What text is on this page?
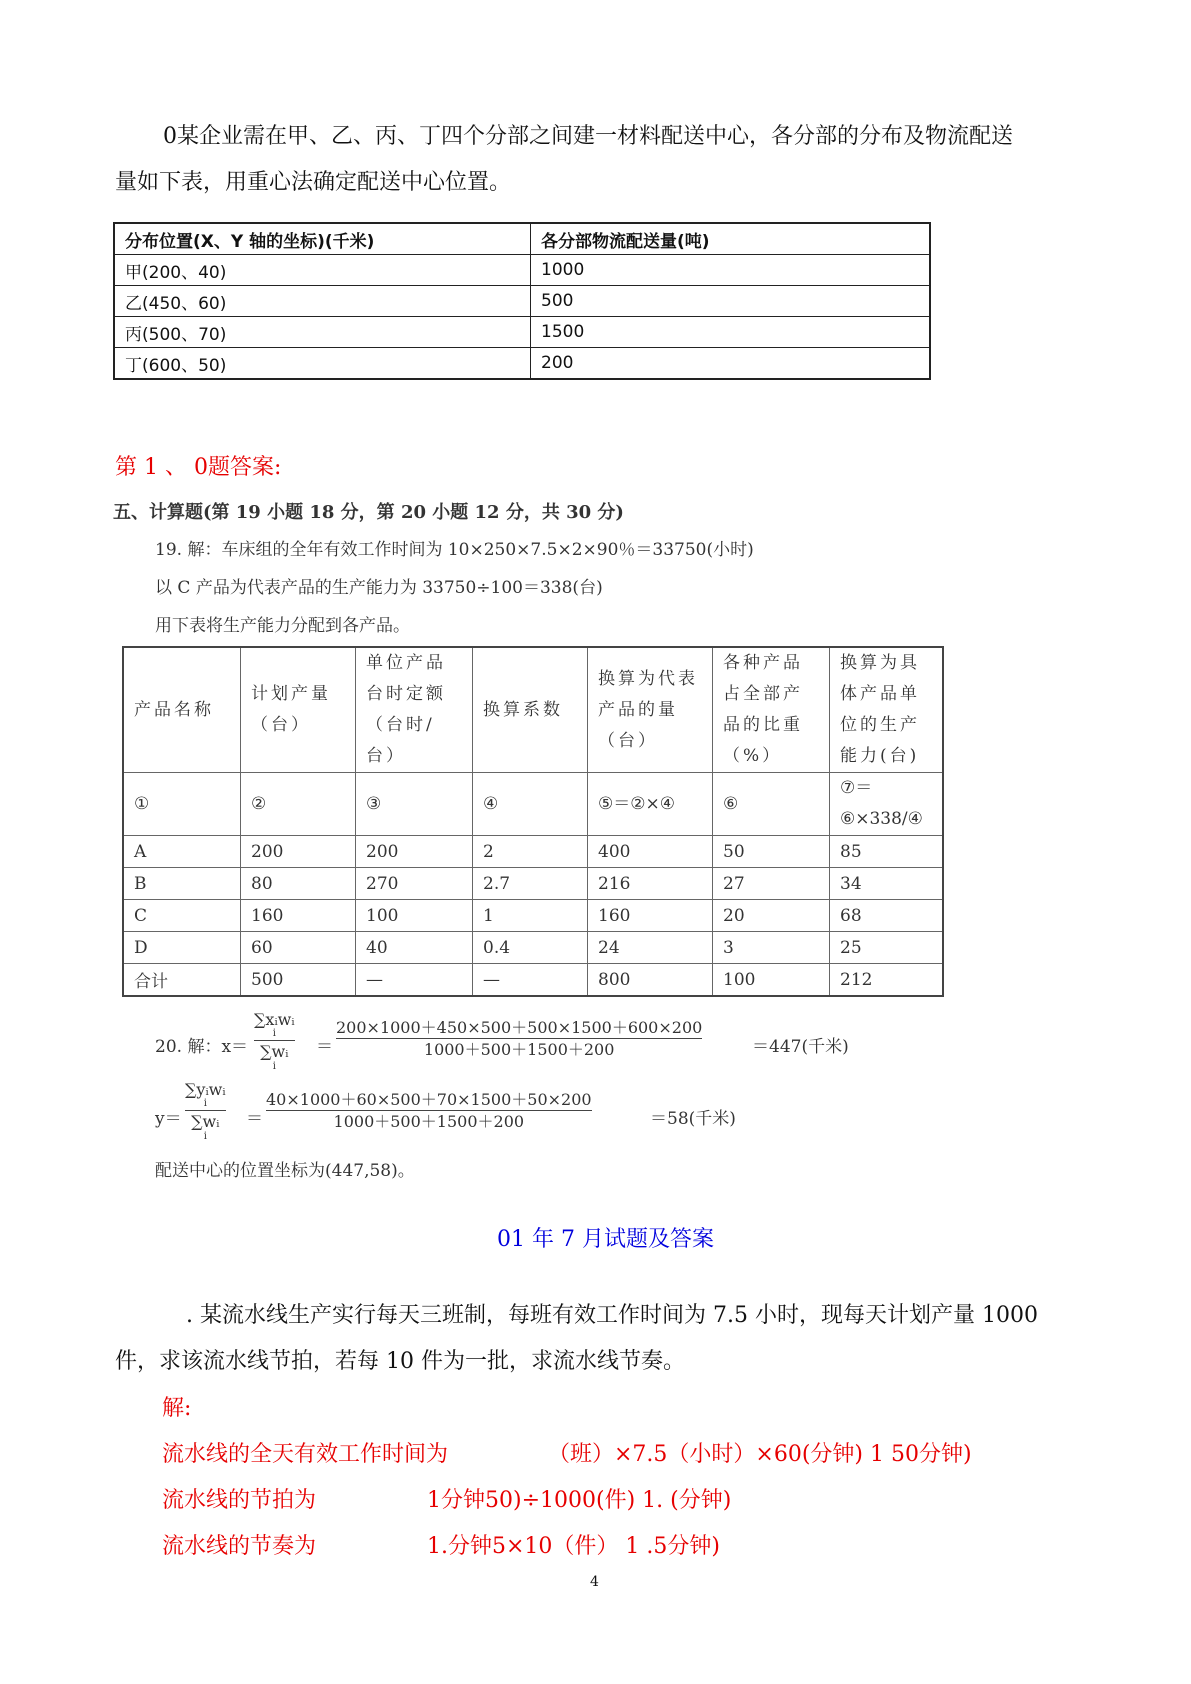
0某企业需在甲、乙、丙、丁四个分部之间建一材料配送中心，各分部的分布及物流配送
量如下表，用重心法确定配送中心位置。
分布位置(X、Y 轴的坐标)(千米)	各分部物流配送量(吨)
甲(200、40)	1000
乙(450、60)	500
丙(500、70)	1500
丁(600、50)	200
第 1 、 0题答案:
五、计算题(第 19 小题 18 分，第 20 小题 12 分，共 30 分)
19. 解：车床组的全年有效工作时间为 10×250×7.5×2×90％＝33750(小时)
以 C 产品为代表产品的生产能力为 33750÷100＝338(台)
用下表将生产能力分配到各产品。
产品名称	计划产量（台）	单位产品台时定额（台时/台）	换算系数	换算为代表产品的量（台）	各种产品占全部产品的比重（%）	换算为具体产品单位的生产能力(台)
①	②	③	④	⑤＝②×④	⑥	⑦＝⑥×338/④
A	200	200	2	400	50	85
B	80	270	2.7	216	27	34
C	160	100	1	160	20	68
D	60	40	0.4	24	3	25
合计	500	—	—	800	100	212
20. 解：x＝
∑xᵢwᵢ
i
∑wᵢ
i
＝
200×1000＋450×500＋500×1500＋600×200
1000＋500＋1500＋200	＝447(千米)
y＝
∑yᵢwᵢ
i
∑wᵢ
i
＝
40×1000＋60×500＋70×1500＋50×200
1000＋500＋1500＋200	＝58(千米)
配送中心的位置坐标为(447,58)。
01 年 7 月试题及答案
. 某流水线生产实行每天三班制，每班有效工作时间为 7.5 小时，现每天计划产量 1000
件，求该流水线节拍，若每 10 件为一批，求流水线节奏。
解:
流水线的全天有效工作时间为	（班）×7.5（小时）×60(分钟) 1 50分钟)
流水线的节拍为	1分钟50)÷1000(件) 1. (分钟)
流水线的节奏为	1.分钟5×10（件） 1 .5分钟)
4
